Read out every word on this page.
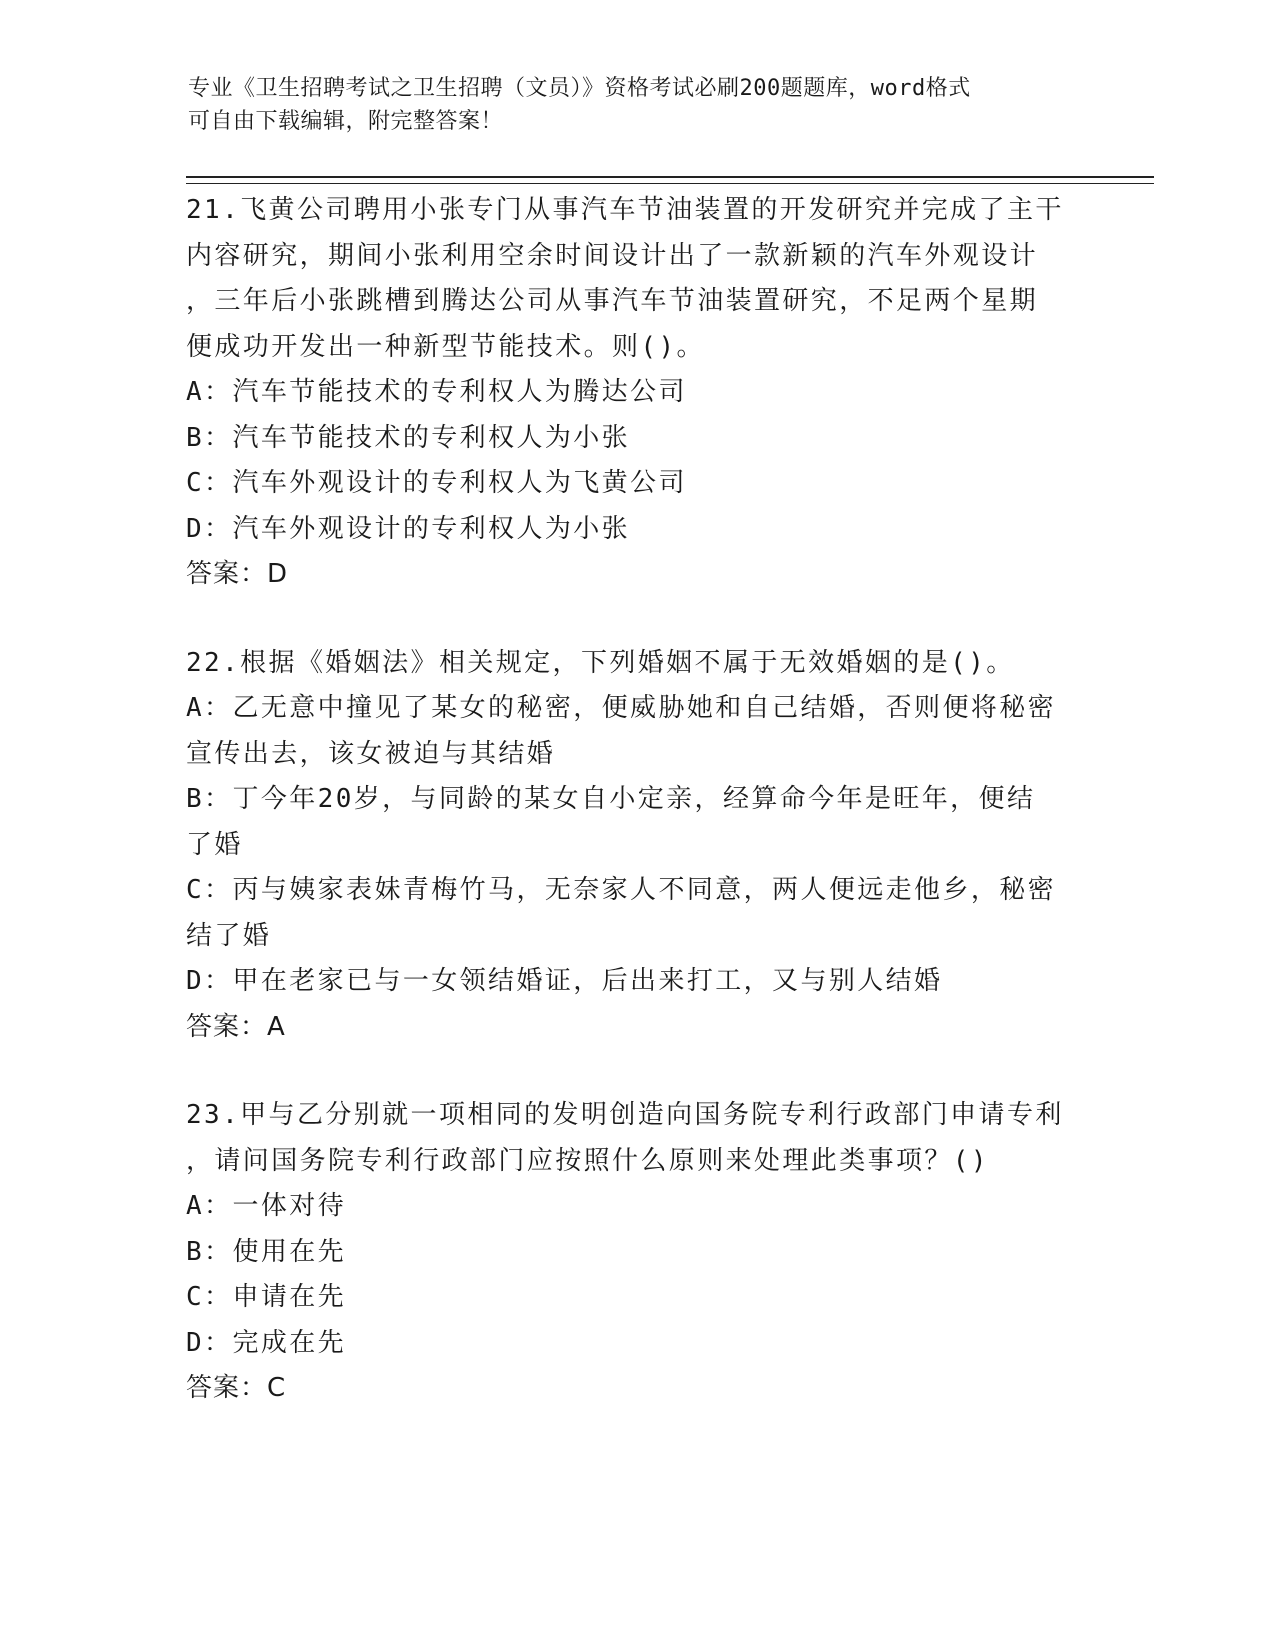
专业《卫生招聘考试之卫生招聘（文员）》资格考试必刷200题题库，word格式
可自由下载编辑，附完整答案！
21.飞黄公司聘用小张专门从事汽车节油装置的开发研究并完成了主干
内容研究，期间小张利用空余时间设计出了一款新颖的汽车外观设计
，三年后小张跳槽到腾达公司从事汽车节油装置研究，不足两个星期
便成功开发出一种新型节能技术。则()。
A：汽车节能技术的专利权人为腾达公司
B：汽车节能技术的专利权人为小张
C：汽车外观设计的专利权人为飞黄公司
D：汽车外观设计的专利权人为小张
答案：D
22.根据《婚姻法》相关规定，下列婚姻不属于无效婚姻的是()。
A：乙无意中撞见了某女的秘密，便威胁她和自己结婚，否则便将秘密
宣传出去，该女被迫与其结婚
B：丁今年20岁，与同龄的某女自小定亲，经算命今年是旺年，便结
了婚
C：丙与姨家表妹青梅竹马，无奈家人不同意，两人便远走他乡，秘密
结了婚
D：甲在老家已与一女领结婚证，后出来打工，又与别人结婚
答案：A
23.甲与乙分别就一项相同的发明创造向国务院专利行政部门申请专利
，请问国务院专利行政部门应按照什么原则来处理此类事项？()
A：一体对待
B：使用在先
C：申请在先
D：完成在先
答案：C
